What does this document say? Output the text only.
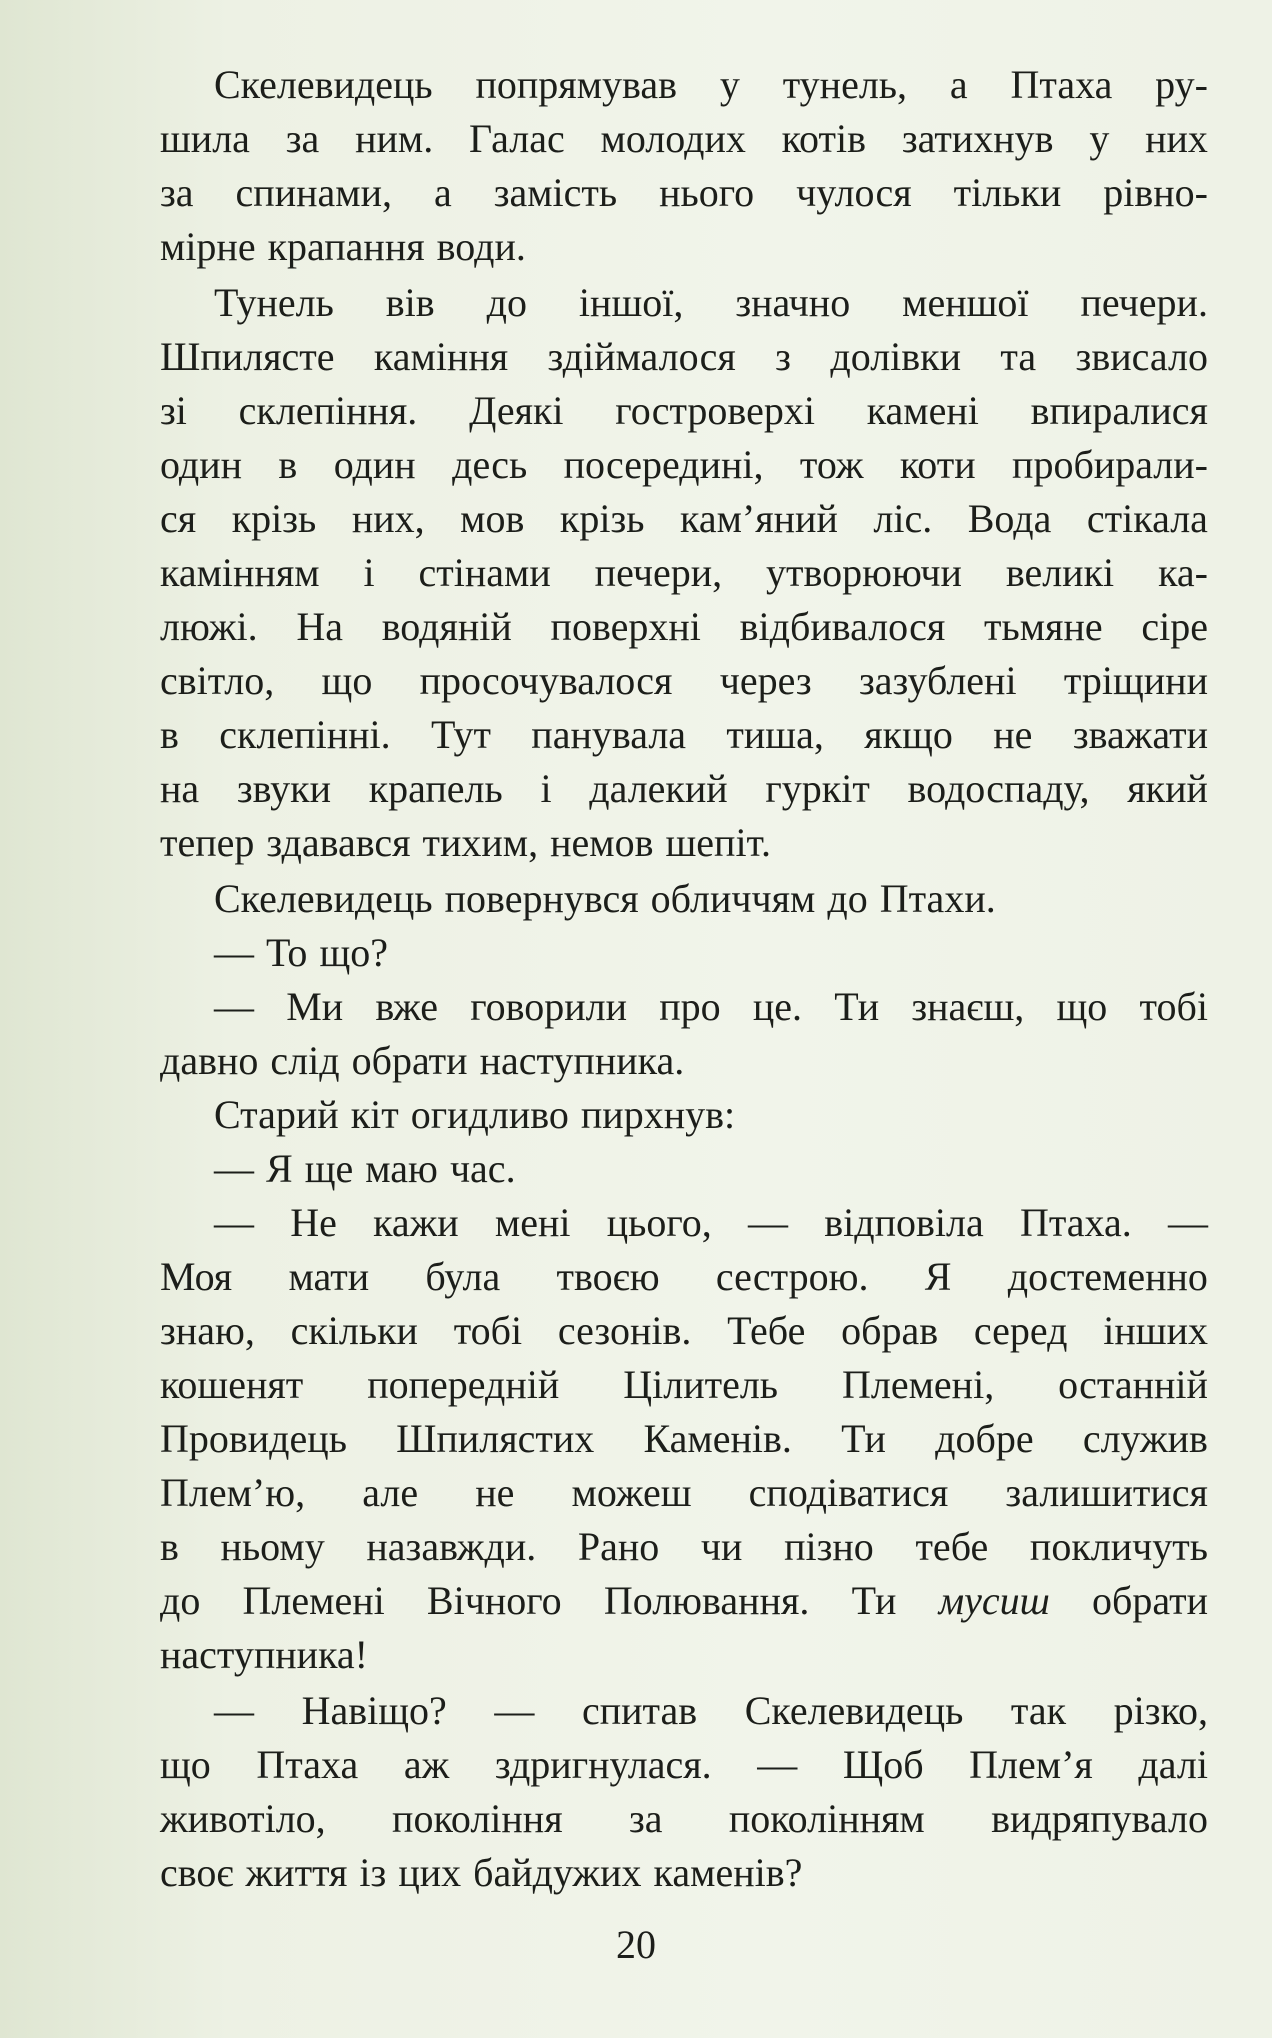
Скелевидець попрямував у тунель, а Птаха ру-
шила за ним. Галас молодих котів затихнув у них
за спинами, а замість нього чулося тільки рівно-
мірне крапання води.
Тунель вів до іншої, значно меншої печери.
Шпилясте каміння здіймалося з долівки та звисало
зі склепіння. Деякі гостроверхі камені впиралися
один в один десь посередині, тож коти пробирали-
ся крізь них, мов крізь кам’яний ліс. Вода стікала
камінням і стінами печери, утворюючи великі ка-
люжі. На водяній поверхні відбивалося тьмяне сіре
світло, що просочувалося через зазублені тріщини
в склепінні. Тут панувала тиша, якщо не зважати
на звуки крапель і далекий гуркіт водоспаду, який
тепер здавався тихим, немов шепіт.
Скелевидець повернувся обличчям до Птахи.
— То що?
— Ми вже говорили про це. Ти знаєш, що тобі
давно слід обрати наступника.
Старий кіт огидливо пирхнув:
— Я ще маю час.
— Не кажи мені цього, — відповіла Птаха. —
Моя мати була твоєю сестрою. Я достеменно
знаю, скільки тобі сезонів. Тебе обрав серед інших
кошенят попередній Цілитель Племені, останній
Провидець Шпилястих Каменів. Ти добре служив
Плем’ю, але не можеш сподіватися залишитися
в ньому назавжди. Рано чи пізно тебе покличуть
до Племені Вічного Полювання. Ти мусиш обрати
наступника!
— Навіщо? — спитав Скелевидець так різко,
що Птаха аж здригнулася. — Щоб Плем’я далі
животіло, покоління за поколінням видряпувало
своє життя із цих байдужих каменів?
20
